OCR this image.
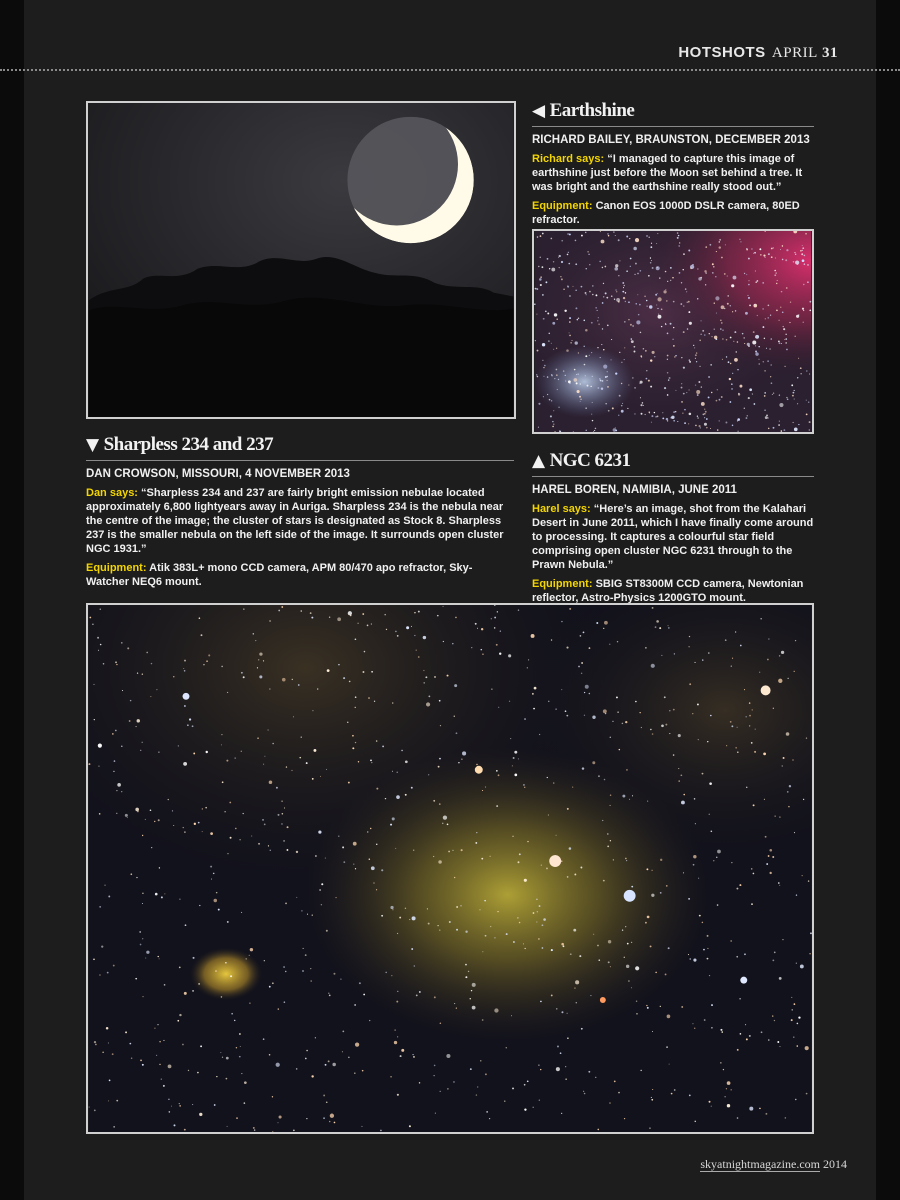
HOTSHOTS APRIL 31
◀ Earthshine
RICHARD BAILEY, BRAUNSTON, DECEMBER 2013

Richard says: “I managed to capture this image of earthshine just before the Moon set behind a tree. It was bright and the earthshine really stood out.”

Equipment: Canon EOS 1000D DSLR camera, 80ED refractor.

▲ NGC 6231
HAREL BOREN, NAMIBIA, JUNE 2011

Harel says: “Here’s an image, shot from the Kalahari Desert in June 2011, which I have finally come around to processing. It captures a colourful star field comprising open cluster NGC 6231 through to the Prawn Nebula.”

Equipment: SBIG ST8300M CCD camera, Newtonian reflector, Astro-Physics 1200GTO mount.

▼ Sharpless 234 and 237
DAN CROWSON, MISSOURI, 4 NOVEMBER 2013

Dan says: “Sharpless 234 and 237 are fairly bright emission nebulae located approximately 6,800 lightyears away in Auriga. Sharpless 234 is the nebula near the centre of the image; the cluster of stars is designated as Stock 8. Sharpless 237 is the smaller nebula on the left side of the image. It surrounds open cluster NGC 1931.”

Equipment: Atik 383L+ mono CCD camera, APM 80/470 apo refractor, Sky-Watcher NEQ6 mount.

skyatnightmagazine.com 2014
